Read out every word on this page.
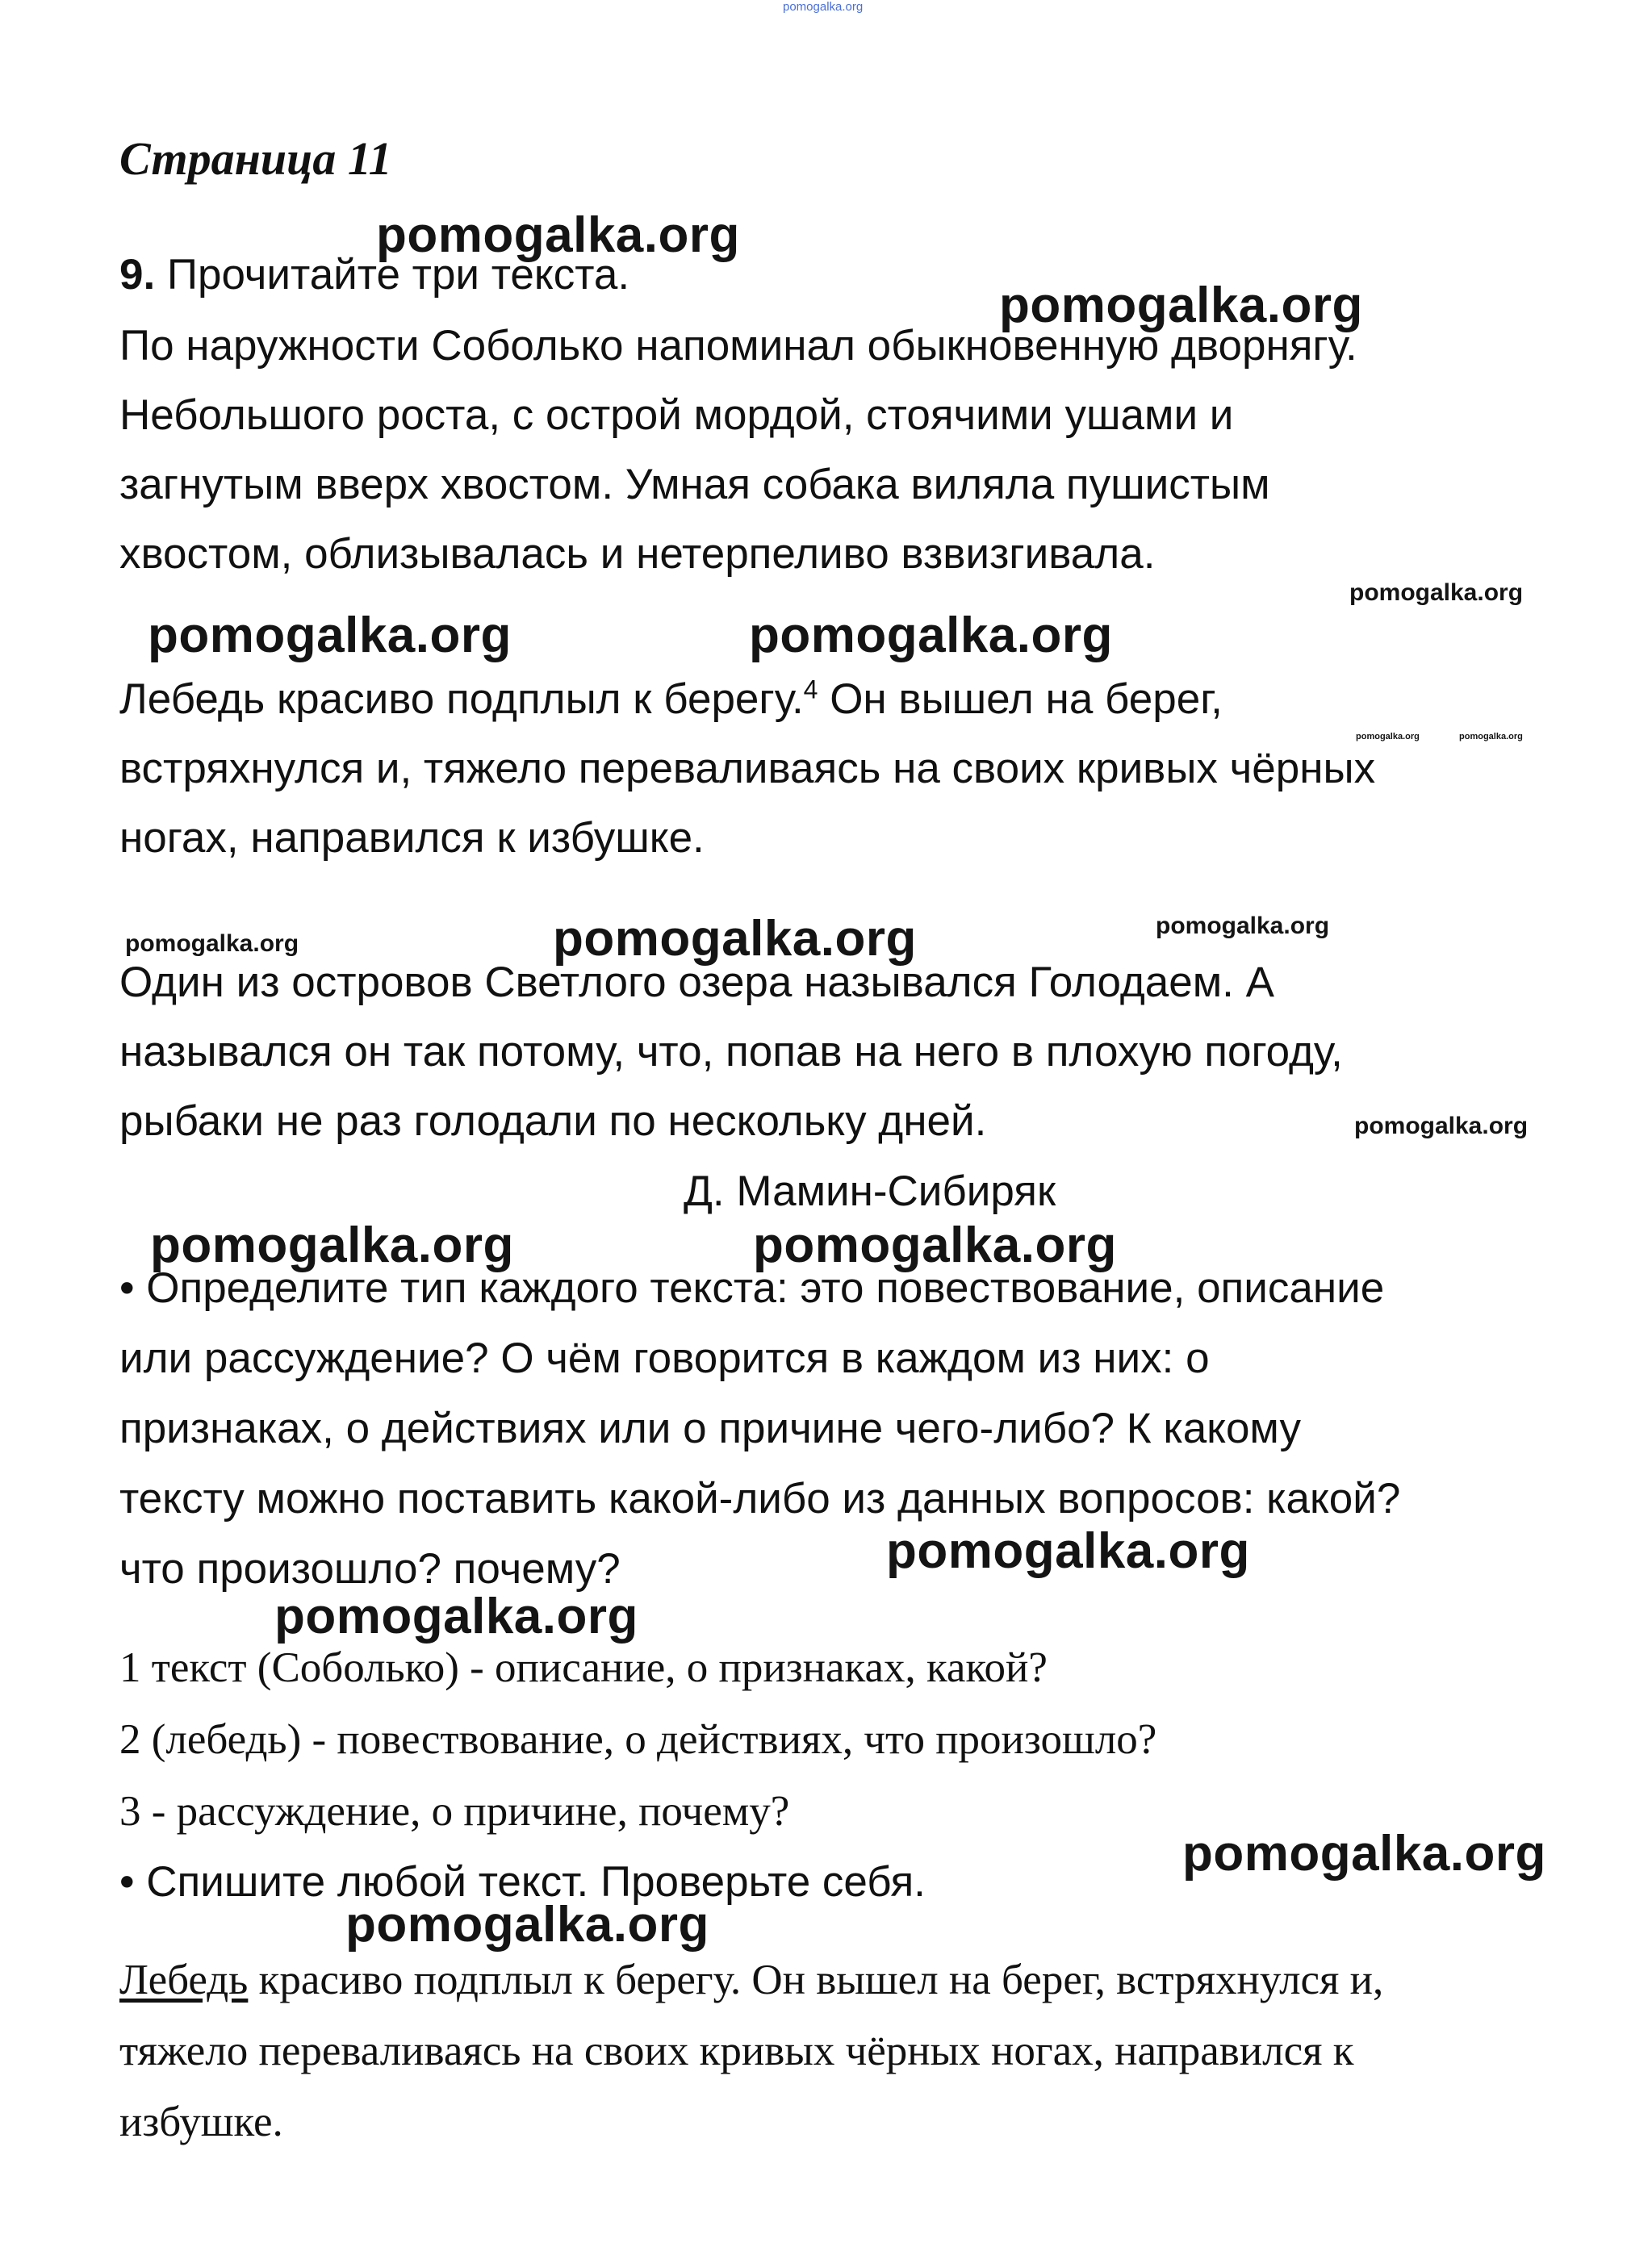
pomogalka.org
Страница 11
9. Прочитайте три текста.
По наружности Соболько напоминал обыкновенную дворнягу.
Небольшого роста, с острой мордой, стоячими ушами и
загнутым вверх хвостом. Умная собака виляла пушистым
хвостом, облизывалась и нетерпеливо взвизгивала.
Лебедь красиво подплыл к берегу.$^4$ Он вышел на берег,
встряхнулся и, тяжело переваливаясь на своих кривых чёрных
ногах, направился к избушке.
Один из островов Светлого озера назывался Голодаем. А
назывался он так потому, что, попав на него в плохую погоду,
рыбаки не раз голодали по нескольку дней.
Д. Мамин-Сибиряк
• Определите тип каждого текста: это повествование, описание
или рассуждение? О чём говорится в каждом из них: о
признаках, о действиях или о причине чего-либо? К какому
тексту можно поставить какой-либо из данных вопросов: какой?
что произошло? почему?
1 текст (Соболько) - описание, о признаках, какой?
2 (лебедь) - повествование, о действиях, что произошло?
3 - рассуждение, о причине, почему?
• Спишите любой текст. Проверьте себя.
Лебедь красиво подплыл к берегу. Он вышел на берег, встряхнулся и,
тяжело переваливаясь на своих кривых чёрных ногах, направился к
избушке.
pomogalka.org
pomogalka.org
pomogalka.org	pomogalka.org
pomogalka.org
pomogalka.org	pomogalka.org
pomogalka.org
pomogalka.org
pomogalka.org
pomogalka.org
pomogalka.org
pomogalka.org
pomogalka.org
pomogalka.org
pomogalka.org	pomogalka.org
